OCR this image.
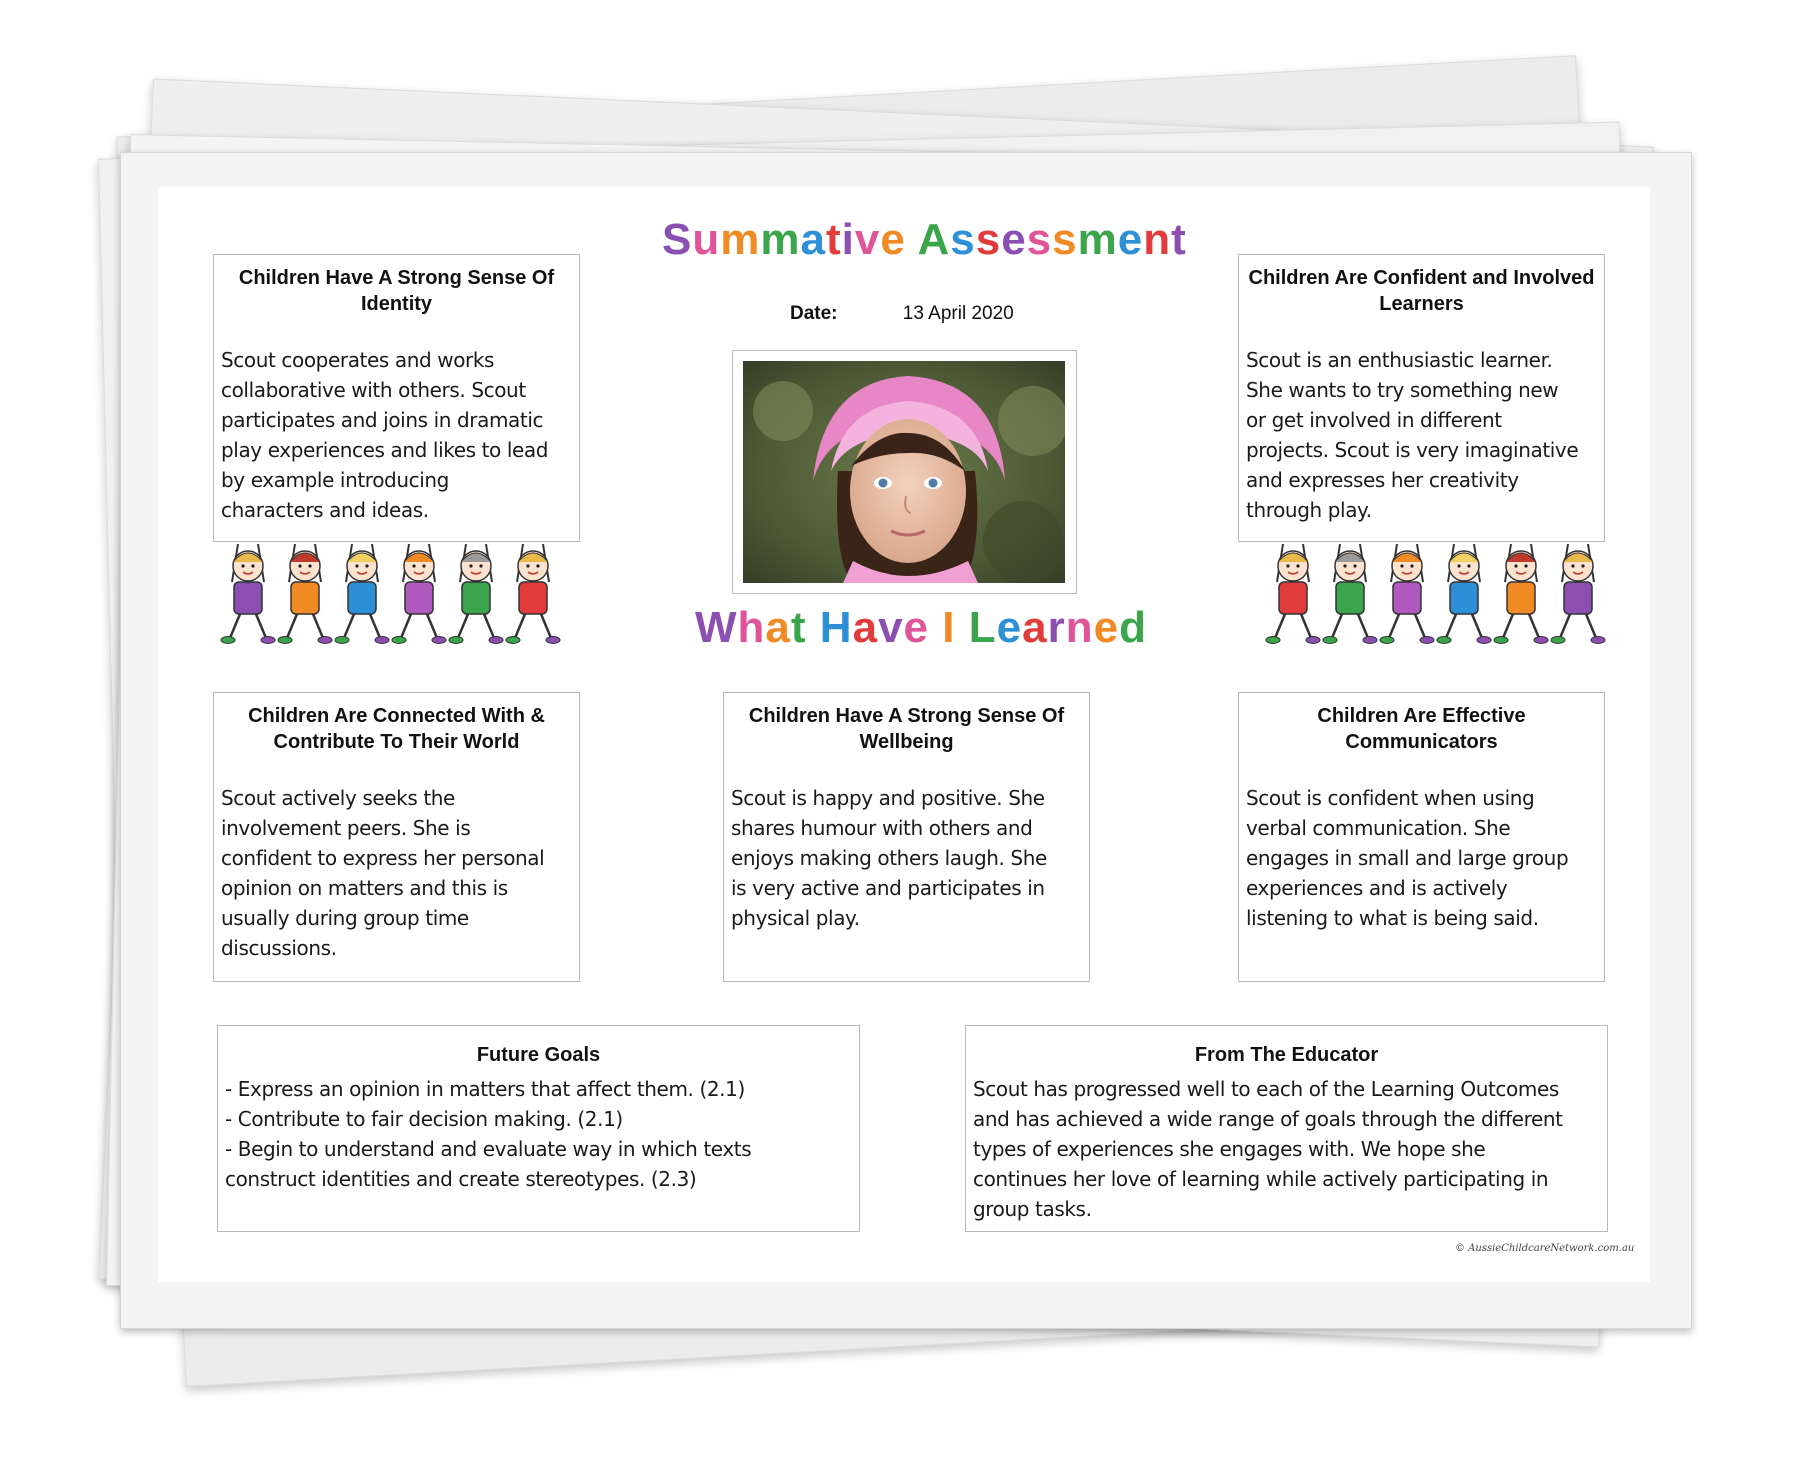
Summative Assessment
Date:	13 April 2020
What Have I Learned
Children Have A Strong Sense Of Identity

Scout cooperates and works
collaborative with others. Scout
participates and joins in dramatic
play experiences and likes to lead
by example introducing
characters and ideas.

Children Are Confident and Involved Learners

Scout is an enthusiastic learner.
She wants to try something new
or get involved in different
projects. Scout is very imaginative
and expresses her creativity
through play.

Children Are Connected With & Contribute To Their World

Scout actively seeks the
involvement peers. She is
confident to express her personal
opinion on matters and this is
usually during group time
discussions.

Children Have A Strong Sense Of Wellbeing

Scout is happy and positive. She
shares humour with others and
enjoys making others laugh. She
is very active and participates in
physical play.

Children Are Effective Communicators

Scout is confident when using
verbal communication. She
engages in small and large group
experiences and is actively
listening to what is being said.

Future Goals

- Express an opinion in matters that affect them. (2.1)
- Contribute to fair decision making. (2.1)
- Begin to understand and evaluate way in which texts
construct identities and create stereotypes. (2.3)

From The Educator

Scout has progressed well to each of the Learning Outcomes
and has achieved a wide range of goals through the different
types of experiences she engages with. We hope she
continues her love of learning while actively participating in
group tasks.

© AussieChildcareNetwork.com.au
